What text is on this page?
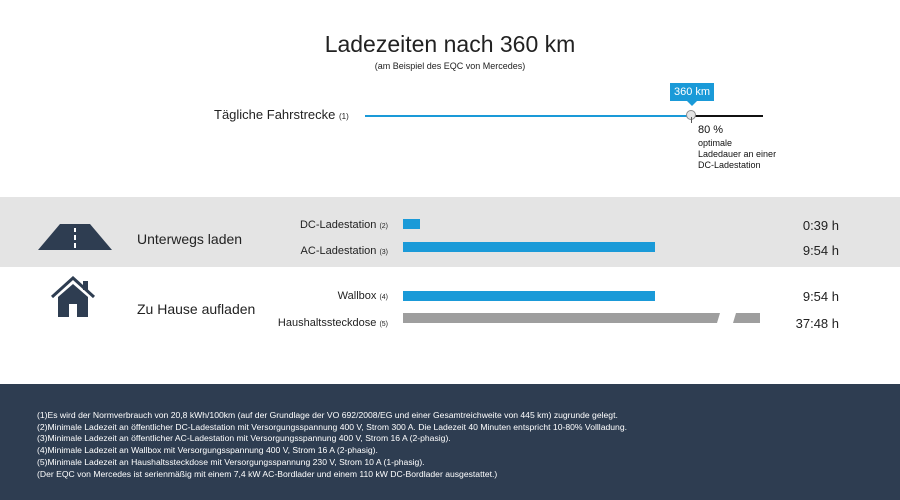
Ladezeiten nach 360 km
(am Beispiel des EQC von Mercedes)
Tägliche Fahrstrecke (1)
360 km
80 %
optimale
Ladedauer an einer
DC-Ladestation
Unterwegs laden
Zu Hause aufladen
DC-Ladestation (2)
AC-Ladestation (3)
Wallbox (4)
Haushaltssteckdose (5)
0:39 h
9:54 h
9:54 h
37:48 h
(1)Es wird der Normverbrauch von 20,8 kWh/100km (auf der Grundlage der VO 692/2008/EG und einer Gesamtreichweite von 445 km) zugrunde gelegt.
(2)Minimale Ladezeit an öffentlicher DC-Ladestation mit Versorgungsspannung 400 V, Strom 300 A. Die Ladezeit 40 Minuten entspricht 10-80% Vollladung.
(3)Minimale Ladezeit an öffentlicher AC-Ladestation mit Versorgungsspannung 400 V, Strom 16 A (2-phasig).
(4)Minimale Ladezeit an Wallbox mit Versorgungsspannung 400 V, Strom 16 A (2-phasig).
(5)Minimale Ladezeit an Haushaltssteckdose mit Versorgungsspannung 230 V, Strom 10 A (1-phasig).
(Der EQC von Mercedes ist serienmäßig mit einem 7,4 kW AC-Bordlader und einem 110 kW DC-Bordlader ausgestattet.)
